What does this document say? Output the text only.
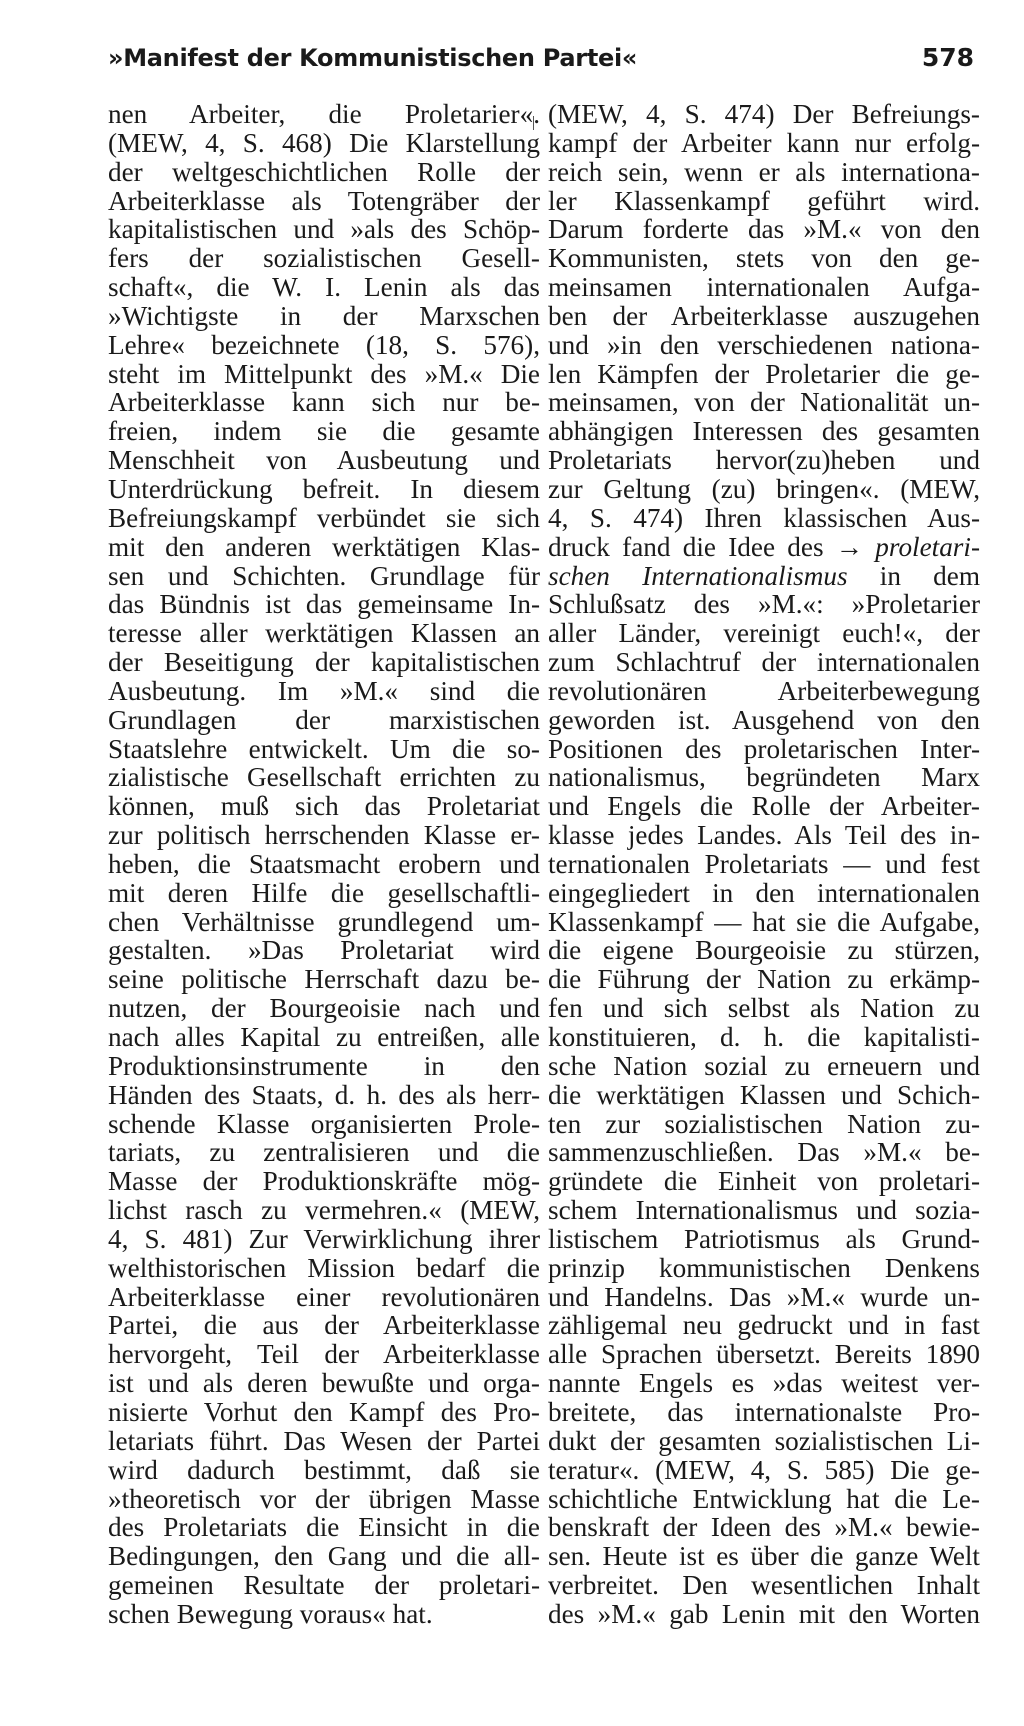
»Manifest der Kommunistischen Partei«	578
nen Arbeiter, die Proletarier«.
(MEW, 4, S. 468) Die Klarstellung
der weltgeschichtlichen Rolle der
Arbeiterklasse als Totengräber der
kapitalistischen und »als des Schöp-
fers der sozialistischen Gesell-
schaft«, die W. I. Lenin als das
»Wichtigste in der Marxschen
Lehre« bezeichnete (18, S. 576),
steht im Mittelpunkt des »M.« Die
Arbeiterklasse kann sich nur be-
freien, indem sie die gesamte
Menschheit von Ausbeutung und
Unterdrückung befreit. In diesem
Befreiungskampf verbündet sie sich
mit den anderen werktätigen Klas-
sen und Schichten. Grundlage für
das Bündnis ist das gemeinsame In-
teresse aller werktätigen Klassen an
der Beseitigung der kapitalistischen
Ausbeutung. Im »M.« sind die
Grundlagen der marxistischen
Staatslehre entwickelt. Um die so-
zialistische Gesellschaft errichten zu
können, muß sich das Proletariat
zur politisch herrschenden Klasse er-
heben, die Staatsmacht erobern und
mit deren Hilfe die gesellschaftli-
chen Verhältnisse grundlegend um-
gestalten. »Das Proletariat wird
seine politische Herrschaft dazu be-
nutzen, der Bourgeoisie nach und
nach alles Kapital zu entreißen, alle
Produktionsinstrumente in den
Händen des Staats, d. h. des als herr-
schende Klasse organisierten Prole-
tariats, zu zentralisieren und die
Masse der Produktionskräfte mög-
lichst rasch zu vermehren.« (MEW,
4, S. 481) Zur Verwirklichung ihrer
welthistorischen Mission bedarf die
Arbeiterklasse einer revolutionären
Partei, die aus der Arbeiterklasse
hervorgeht, Teil der Arbeiterklasse
ist und als deren bewußte und orga-
nisierte Vorhut den Kampf des Pro-
letariats führt. Das Wesen der Partei
wird dadurch bestimmt, daß sie
»theoretisch vor der übrigen Masse
des Proletariats die Einsicht in die
Bedingungen, den Gang und die all-
gemeinen Resultate der proletari-
schen Bewegung voraus« hat.
(MEW, 4, S. 474) Der Befreiungs-
kampf der Arbeiter kann nur erfolg-
reich sein, wenn er als internationa-
ler Klassenkampf geführt wird.
Darum forderte das »M.« von den
Kommunisten, stets von den ge-
meinsamen internationalen Aufga-
ben der Arbeiterklasse auszugehen
und »in den verschiedenen nationa-
len Kämpfen der Proletarier die ge-
meinsamen, von der Nationalität un-
abhängigen Interessen des gesamten
Proletariats hervor(zu)heben und
zur Geltung (zu) bringen«. (MEW,
4, S. 474) Ihren klassischen Aus-
druck fand die Idee des → proletari-
schen Internationalismus in dem
Schlußsatz des »M.«: »Proletarier
aller Länder, vereinigt euch!«, der
zum Schlachtruf der internationalen
revolutionären Arbeiterbewegung
geworden ist. Ausgehend von den
Positionen des proletarischen Inter-
nationalismus, begründeten Marx
und Engels die Rolle der Arbeiter-
klasse jedes Landes. Als Teil des in-
ternationalen Proletariats — und fest
eingegliedert in den internationalen
Klassenkampf — hat sie die Aufgabe,
die eigene Bourgeoisie zu stürzen,
die Führung der Nation zu erkämp-
fen und sich selbst als Nation zu
konstituieren, d. h. die kapitalisti-
sche Nation sozial zu erneuern und
die werktätigen Klassen und Schich-
ten zur sozialistischen Nation zu-
sammenzuschließen. Das »M.« be-
gründete die Einheit von proletari-
schem Internationalismus und sozia-
listischem Patriotismus als Grund-
prinzip kommunistischen Denkens
und Handelns. Das »M.« wurde un-
zähligemal neu gedruckt und in fast
alle Sprachen übersetzt. Bereits 1890
nannte Engels es »das weitest ver-
breitete, das internationalste Pro-
dukt der gesamten sozialistischen Li-
teratur«. (MEW, 4, S. 585) Die ge-
schichtliche Entwicklung hat die Le-
benskraft der Ideen des »M.« bewie-
sen. Heute ist es über die ganze Welt
verbreitet. Den wesentlichen Inhalt
des »M.« gab Lenin mit den Worten
